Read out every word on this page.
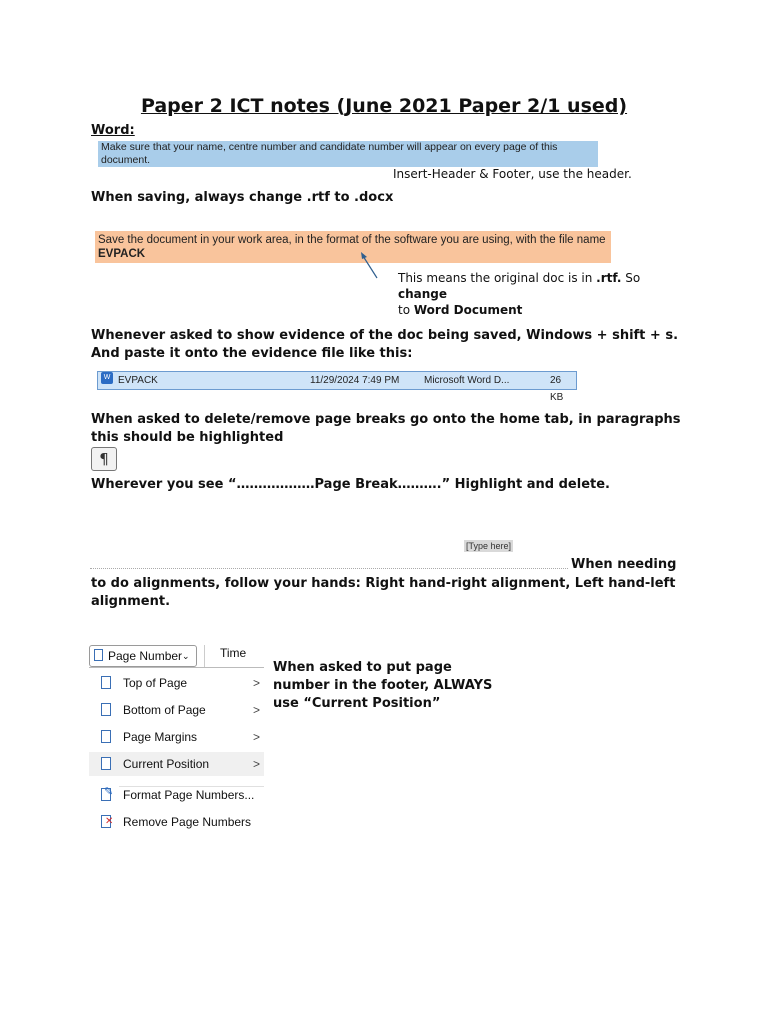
Paper 2 ICT notes (June 2021 Paper 2/1 used)
Word:
Make sure that your name, centre number and candidate number will appear on every page of this document.
Insert-Header & Footer, use the header.
When saving, always change .rtf to .docx
Save the document in your work area, in the format of the software you are using, with the file name EVPACK
This means the original doc is in .rtf. So change
to Word Document
Whenever asked to show evidence of the doc being saved, Windows + shift + s. And paste it onto the evidence file like this:
W EVPACK	11/29/2024 7:49 PM Microsoft Word D...	26 KB
When asked to delete/remove page breaks go onto the home tab, in paragraphs this should be highlighted
¶
Wherever you see “………………Page Break……….” Highlight and delete.
[Type here]
When needing
to do alignments, follow your hands: Right hand-right alignment, Left hand-left alignment.
Page Number ⌄	Time
Top of Page	>
Bottom of Page	>
Page Margins	>
Current Position	>
✎
Format Page Numbers...
✕
Remove Page Numbers
When asked to put page number in the footer, ALWAYS use “Current Position”
